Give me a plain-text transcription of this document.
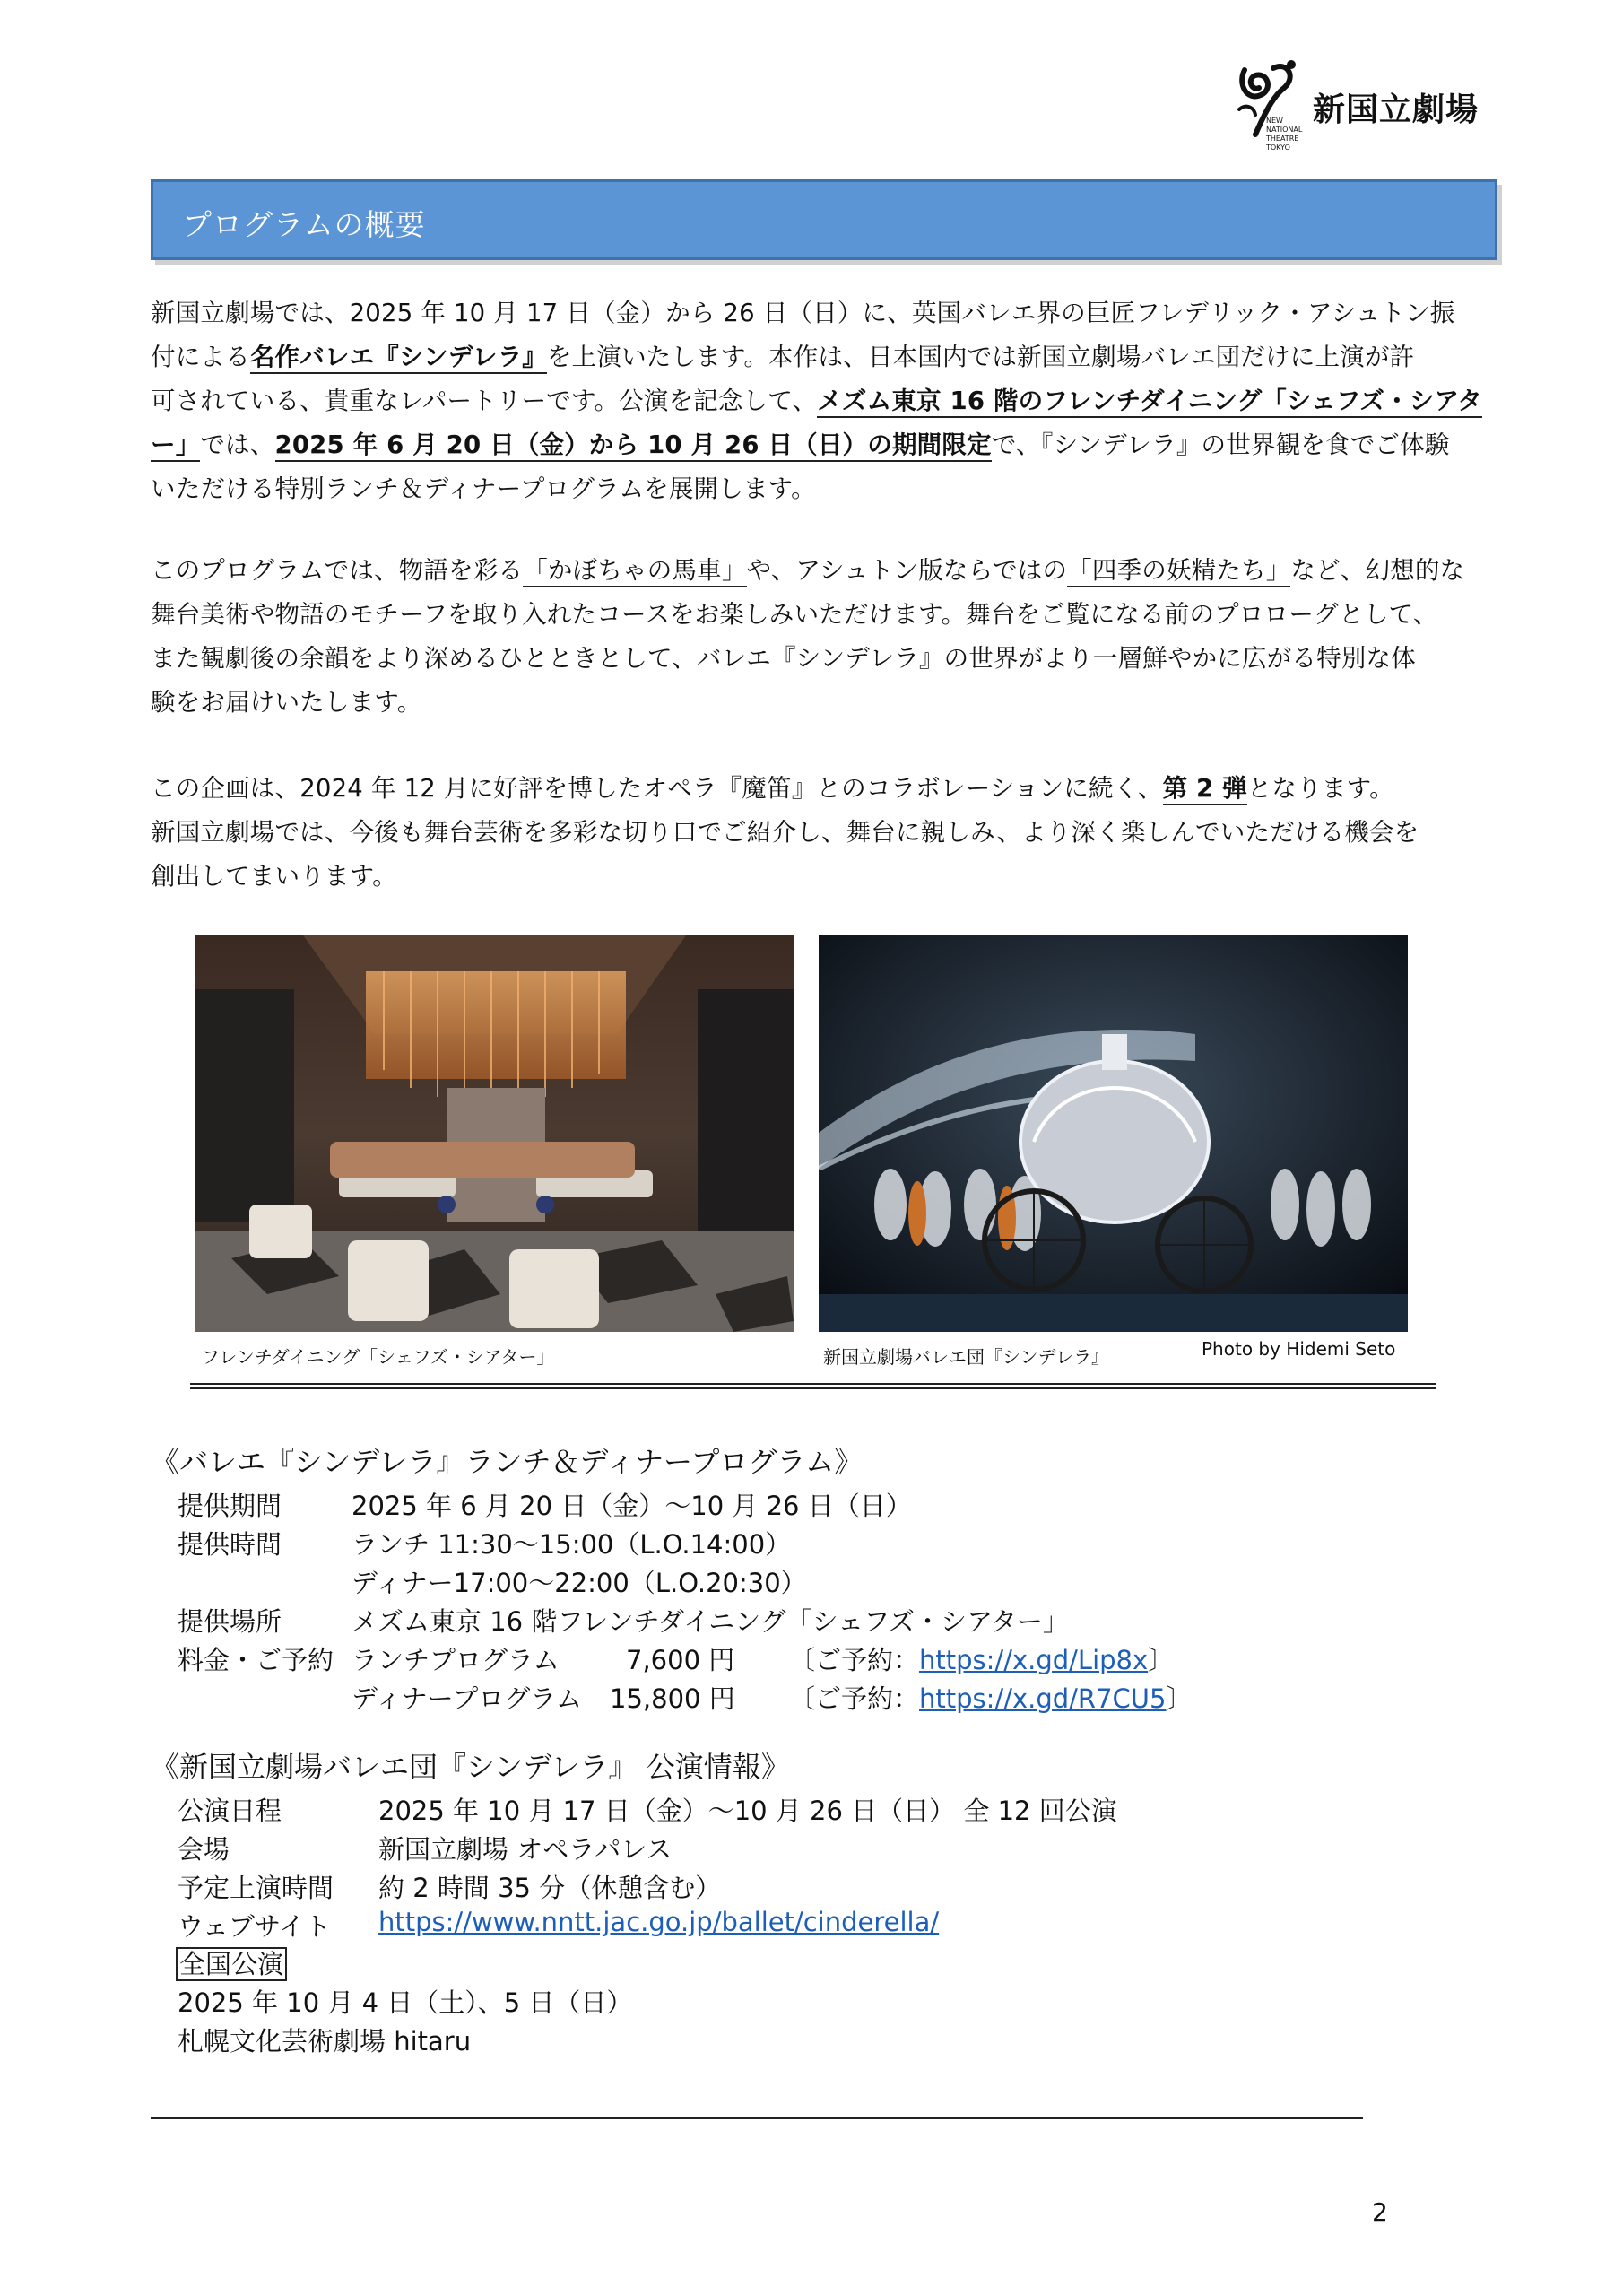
新国立劇場
NEW
NATIONAL
THEATRE
TOKYO
プログラムの概要
新国立劇場では、2025 年 10 月 17 日（金）から 26 日（日）に、英国バレエ界の巨匠フレデリック・アシュトン振
付による名作バレエ『シンデレラ』を上演いたします。本作は、日本国内では新国立劇場バレエ団だけに上演が許
可されている、貴重なレパートリーです。公演を記念して、メズム東京 16 階のフレンチダイニング「シェフズ・シアタ
ー」では、2025 年 6 月 20 日（金）から 10 月 26 日（日）の期間限定で、『シンデレラ』の世界観を食でご体験
いただける特別ランチ＆ディナープログラムを展開します。
このプログラムでは、物語を彩る「かぼちゃの馬車」や、アシュトン版ならではの「四季の妖精たち」など、幻想的な
舞台美術や物語のモチーフを取り入れたコースをお楽しみいただけます。舞台をご覧になる前のプロローグとして、
また観劇後の余韻をより深めるひとときとして、バレエ『シンデレラ』の世界がより一層鮮やかに広がる特別な体
験をお届けいたします。
この企画は、2024 年 12 月に好評を博したオペラ『魔笛』とのコラボレーションに続く、第 2 弾となります。
新国立劇場では、今後も舞台芸術を多彩な切り口でご紹介し、舞台に親しみ、より深く楽しんでいただける機会を
創出してまいります。
フレンチダイニング「シェフズ・シアター」	新国立劇場バレエ団『シンデレラ』	Photo by Hidemi Seto
《バレエ『シンデレラ』ランチ＆ディナープログラム》
提供期間	2025 年 6 月 20 日（金）～10 月 26 日（日）
提供時間	ランチ 11:30～15:00（L.O.14:00）
ディナー17:00～22:00（L.O.20:30）
提供場所	メズム東京 16 階フレンチダイニング「シェフズ・シアター」
料金・ご予約 ランチプログラム	7,600 円 〔ご予約：https://x.gd/Lip8x〕
ディナープログラム 15,800 円 〔ご予約：https://x.gd/R7CU5〕
《新国立劇場バレエ団『シンデレラ』 公演情報》
公演日程	2025 年 10 月 17 日（金）～10 月 26 日（日） 全 12 回公演
会場	新国立劇場 オペラパレス
予定上演時間 約 2 時間 35 分（休憩含む）
ウェブサイト https://www.nntt.jac.go.jp/ballet/cinderella/
全国公演
2025 年 10 月 4 日（土）、5 日（日）
札幌文化芸術劇場 hitaru
2
